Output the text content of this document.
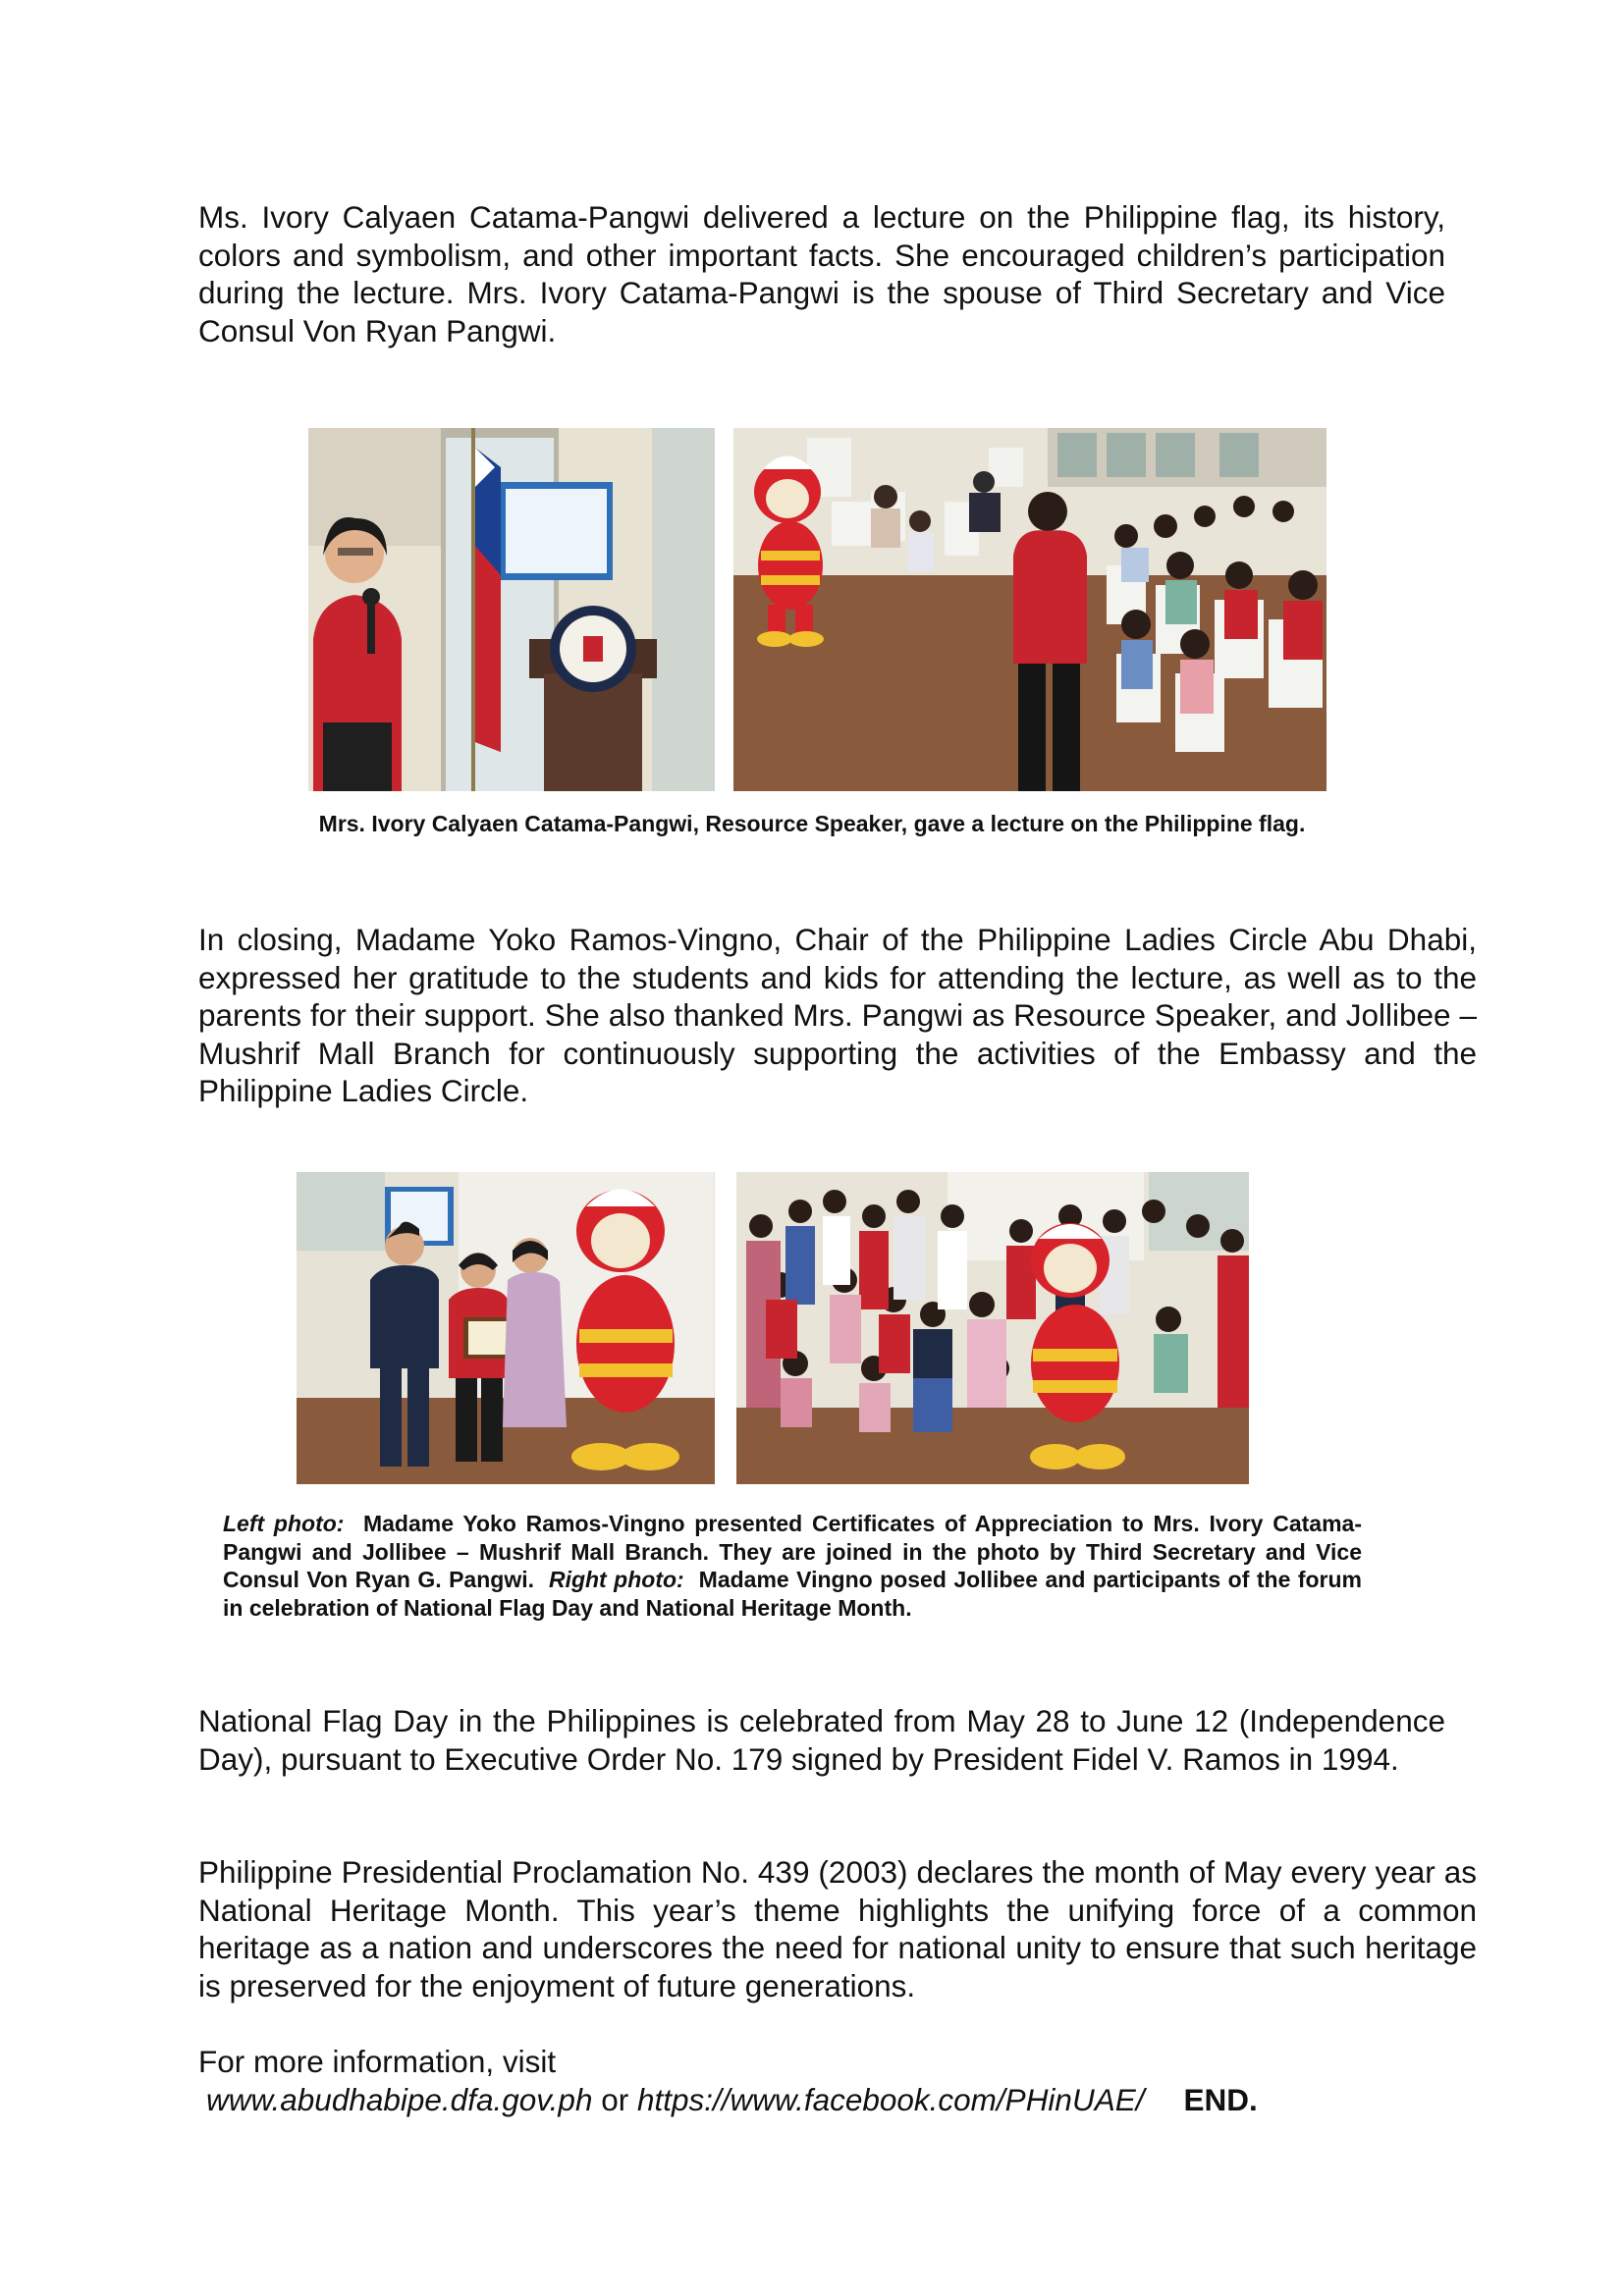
Ms. Ivory Calyaen Catama-Pangwi delivered a lecture on the Philippine flag, its history, colors and symbolism, and other important facts. She encouraged children’s participation during the lecture. Mrs. Ivory Catama-Pangwi is the spouse of Third Secretary and Vice Consul Von Ryan Pangwi.

Mrs. Ivory Calyaen Catama-Pangwi, Resource Speaker, gave a lecture on the Philippine flag.

In closing, Madame Yoko Ramos-Vingno, Chair of the Philippine Ladies Circle Abu Dhabi, expressed her gratitude to the students and kids for attending the lecture, as well as to the parents for their support. She also thanked Mrs. Pangwi as Resource Speaker, and Jollibee – Mushrif Mall Branch for continuously supporting the activities of the Embassy and the Philippine Ladies Circle.

Left photo: Madame Yoko Ramos-Vingno presented Certificates of Appreciation to Mrs. Ivory Catama-Pangwi and Jollibee – Mushrif Mall Branch. They are joined in the photo by Third Secretary and Vice Consul Von Ryan G. Pangwi. Right photo: Madame Vingno posed Jollibee and participants of the forum in celebration of National Flag Day and National Heritage Month.

National Flag Day in the Philippines is celebrated from May 28 to June 12 (Independence Day), pursuant to Executive Order No. 179 signed by President Fidel V. Ramos in 1994.

Philippine Presidential Proclamation No. 439 (2003) declares the month of May every year as National Heritage Month. This year’s theme highlights the unifying force of a common heritage as a nation and underscores the need for national unity to ensure that such heritage is preserved for the enjoyment of future generations.

For more information, visit

www.abudhabipe.dfa.gov.ph or https://www.facebook.com/PHinUAE/ END.
